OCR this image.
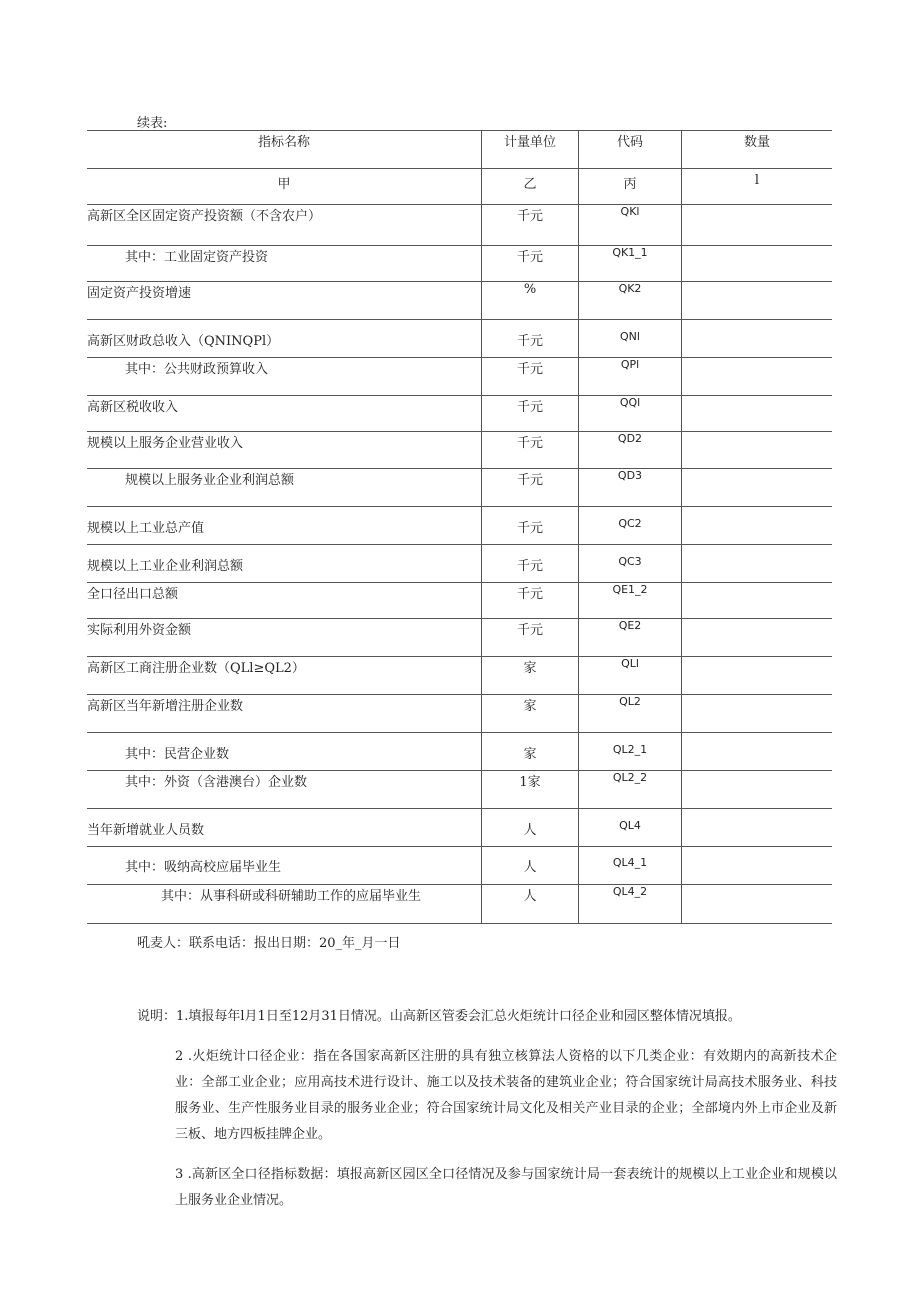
续表:
指标名称	计量单位	代码	数量
甲	乙	丙	l
高新区全区固定资产投资额（不含农户）	千元	QKl	
其中：工业固定资产投资	千元	QK1_1	
固定资产投资增速	%	QK2	
高新区财政总收入（QNINQPl）	千元	QNl	
其中：公共财政预算收入	千元	QPl	
高新区税收收入	千元	QQl	
规模以上服务企业营业收入	千元	QD2	
规模以上服务业企业利润总额	千元	QD3	
规模以上工业总产值	千元	QC2	
规模以上工业企业利润总额	千元	QC3	
全口径出口总额	千元	QE1_2	
实际利用外资金额	千元	QE2	
高新区工商注册企业数（QLl≥QL2）	家	QLl	
高新区当年新增注册企业数	家	QL2	
其中：民营企业数	家	QL2_1	
其中：外资（含港澳台）企业数	1家	QL2_2	
当年新增就业人员数	人	QL4	
其中：吸纳高校应届毕业生	人	QL4_1	
其中：从事科研或科研辅助工作的应届毕业生	人	QL4_2	
吼麦人：联系电话：报出日期：20_年_月一日

说明：1.填报每年l月1日至12月31日情况。山高新区管委会汇总火炬统计口径企业和园区整体情况填报。

2 .火炬统计口径企业：指在各国家高新区注册的具有独立核算法人资格的以下几类企业：有效期内的高新技术企业：全部工业企业；应用高技术进行设计、施工以及技术装备的建筑业企业；符合国家统计局高技术服务业、科技服务业、生产性服务业目录的服务业企业；符合国家统计局文化及相关产业目录的企业；全部境内外上市企业及新三板、地方四板挂牌企业。

3 .高新区全口径指标数据：填报高新区园区全口径情况及参与国家统计局一套表统计的规模以上工业企业和规模以上服务业企业情况。
